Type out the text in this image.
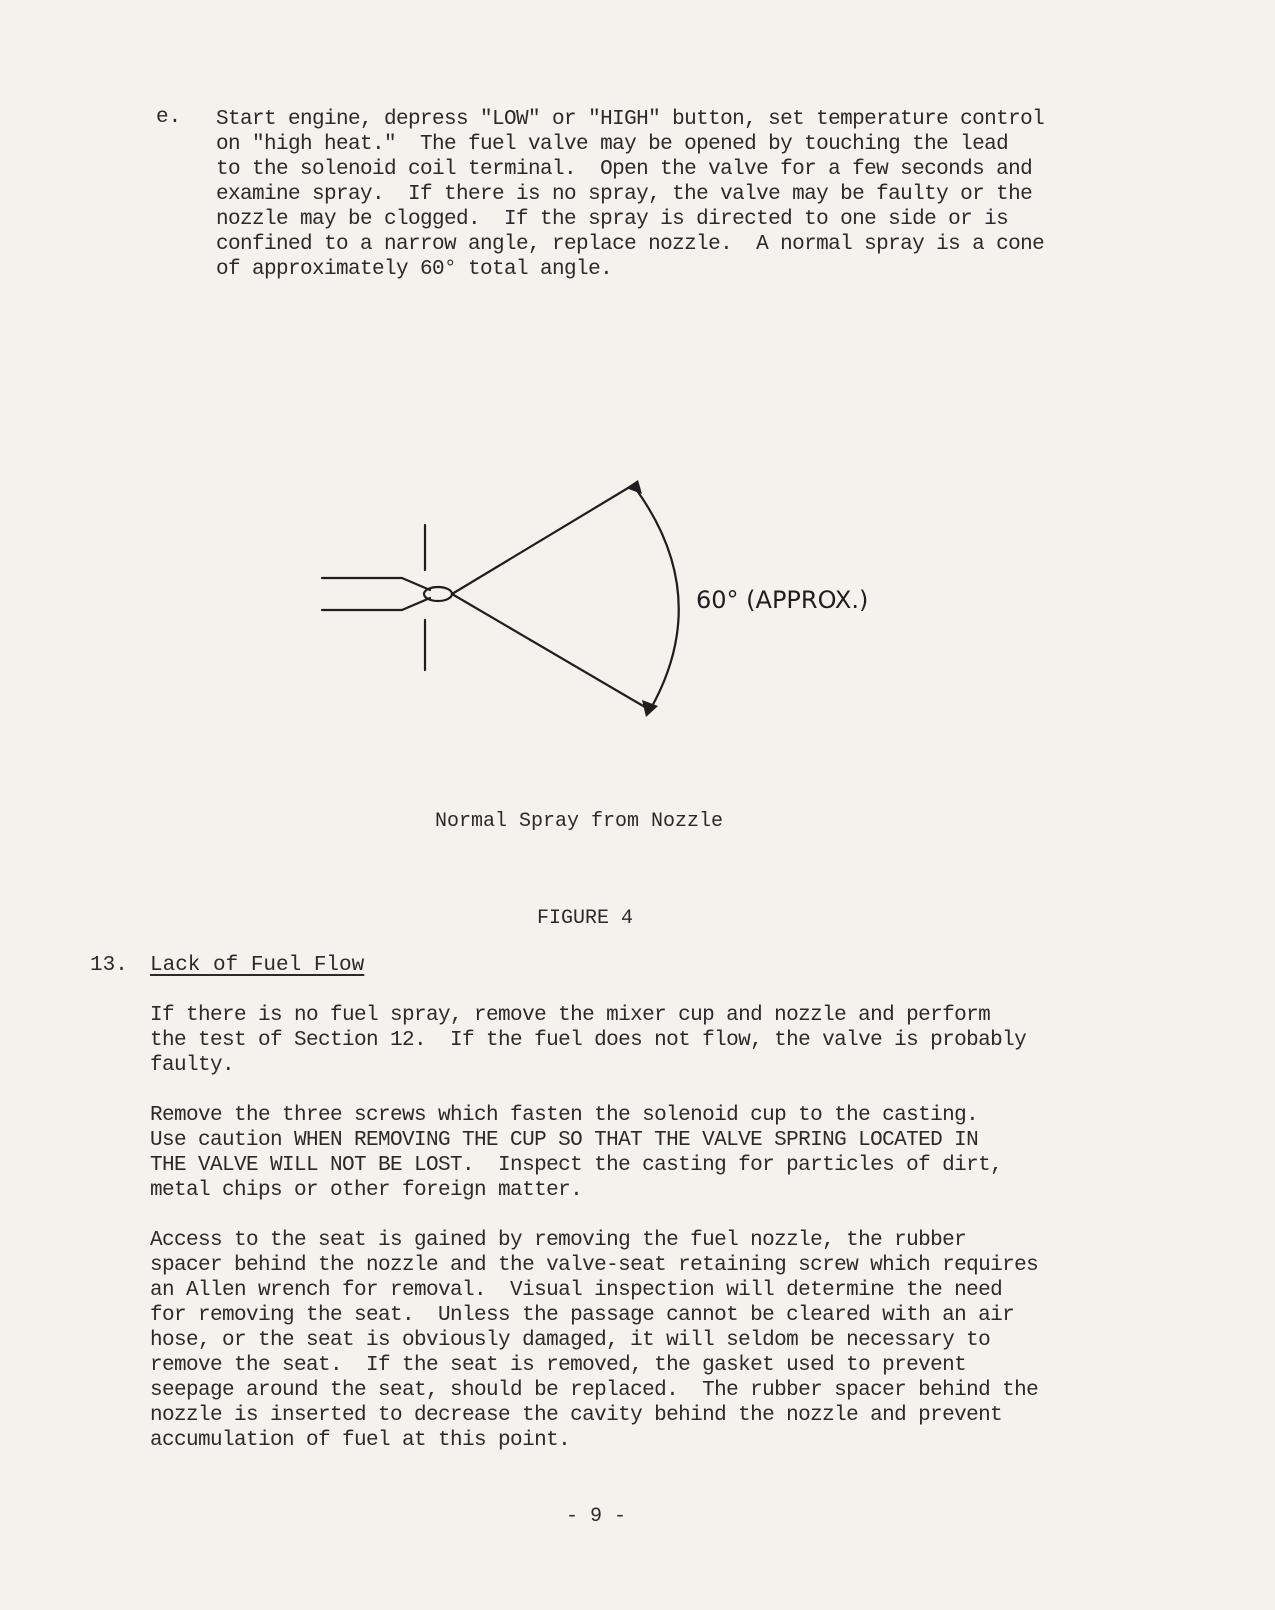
e. Start engine, depress "LOW" or "HIGH" button, set temperature control
on "high heat."  The fuel valve may be opened by touching the lead
to the solenoid coil terminal.  Open the valve for a few seconds and
examine spray.  If there is no spray, the valve may be faulty or the
nozzle may be clogged.  If the spray is directed to one side or is
confined to a narrow angle, replace nozzle.  A normal spray is a cone
of approximately 60° total angle.
60° (APPROX.)
Normal Spray from Nozzle
FIGURE 4
13. Lack of Fuel Flow
If there is no fuel spray, remove the mixer cup and nozzle and perform
the test of Section 12.  If the fuel does not flow, the valve is probably
faulty.
Remove the three screws which fasten the solenoid cup to the casting.
Use caution WHEN REMOVING THE CUP SO THAT THE VALVE SPRING LOCATED IN
THE VALVE WILL NOT BE LOST.  Inspect the casting for particles of dirt,
metal chips or other foreign matter.
Access to the seat is gained by removing the fuel nozzle, the rubber
spacer behind the nozzle and the valve-seat retaining screw which requires
an Allen wrench for removal.  Visual inspection will determine the need
for removing the seat.  Unless the passage cannot be cleared with an air
hose, or the seat is obviously damaged, it will seldom be necessary to
remove the seat.  If the seat is removed, the gasket used to prevent
seepage around the seat, should be replaced.  The rubber spacer behind the
nozzle is inserted to decrease the cavity behind the nozzle and prevent
accumulation of fuel at this point.
- 9 -
